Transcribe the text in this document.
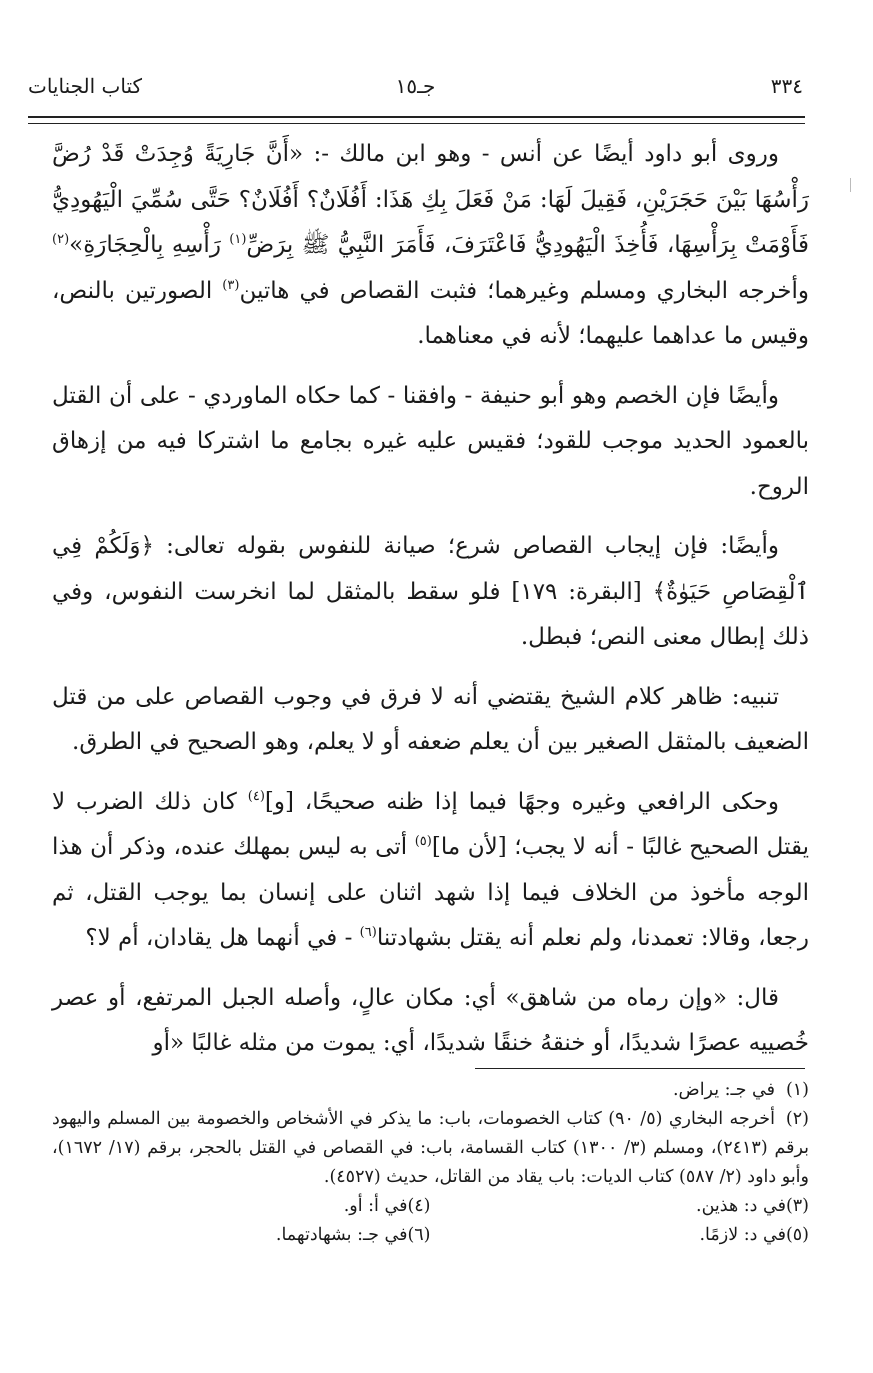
٣٣٤
جـ١٥
كتاب الجنايات

وروى أبو داود أيضًا عن أنس - وهو ابن مالك -: «أَنَّ جَارِيَةً وُجِدَتْ قَدْ رُضَّ رَأْسُهَا بَيْنَ حَجَرَيْنِ، فَقِيلَ لَهَا: مَنْ فَعَلَ بِكِ هَذَا: أَفُلَانٌ؟ أَفُلَانٌ؟ حَتَّى سُمِّيَ الْيَهُودِيُّ فَأَوْمَتْ بِرَأْسِهَا، فَأُخِذَ الْيَهُودِيُّ فَاعْتَرَفَ، فَأَمَرَ النَّبِيُّ ﷺ بِرَضِّ$^{(١)}$ رَأْسِهِ بِالْحِجَارَةِ»$^{(٢)}$ وأخرجه البخاري ومسلم وغيرهما؛ فثبت القصاص في هاتين$^{(٣)}$ الصورتين بالنص، وقيس ما عداهما عليهما؛ لأنه في معناهما.

وأيضًا فإن الخصم وهو أبو حنيفة - وافقنا - كما حكاه الماوردي - على أن القتل بالعمود الحديد موجب للقود؛ فقيس عليه غيره بجامع ما اشتركا فيه من إزهاق الروح.

وأيضًا: فإن إيجاب القصاص شرع؛ صيانة للنفوس بقوله تعالى: ﴿وَلَكُمْ فِي ٱلْقِصَاصِ حَيَوٰةٌ﴾ [البقرة: ١٧٩] فلو سقط بالمثقل لما انخرست النفوس، وفي ذلك إبطال معنى النص؛ فبطل.

تنبيه: ظاهر كلام الشيخ يقتضي أنه لا فرق في وجوب القصاص على من قتل الضعيف بالمثقل الصغير بين أن يعلم ضعفه أو لا يعلم، وهو الصحيح في الطرق.

وحكى الرافعي وغيره وجهًا فيما إذا ظنه صحيحًا، [و]$^{(٤)}$ كان ذلك الضرب لا يقتل الصحيح غالبًا - أنه لا يجب؛ [لأن ما]$^{(٥)}$ أتى به ليس بمهلك عنده، وذكر أن هذا الوجه مأخوذ من الخلاف فيما إذا شهد اثنان على إنسان بما يوجب القتل، ثم رجعا، وقالا: تعمدنا، ولم نعلم أنه يقتل بشهادتنا$^{(٦)}$ - في أنهما هل يقادان، أم لا؟

قال: «وإن رماه من شاهق» أي: مكان عالٍ، وأصله الجبل المرتفع، أو عصر خُصييه عصرًا شديدًا، أو خنقهُ خنقًا شديدًا، أي: يموت من مثله غالبًا «أو

(١)في جـ: يراض.

(٢)أخرجه البخاري (٥/ ٩٠) كتاب الخصومات، باب: ما يذكر في الأشخاص والخصومة بين المسلم واليهود برقم (٢٤١٣)، ومسلم (٣/ ١٣٠٠) كتاب القسامة، باب: في القصاص في القتل بالحجر، برقم (١٧/ ١٦٧٢)، وأبو داود (٢/ ٥٨٧) كتاب الديات: باب يقاد من القاتل، حديث (٤٥٢٧).

(٣)في د: هذين.
(٤)في أ: أو.
(٥)في د: لازمًا.
(٦)في جـ: بشهادتهما.
